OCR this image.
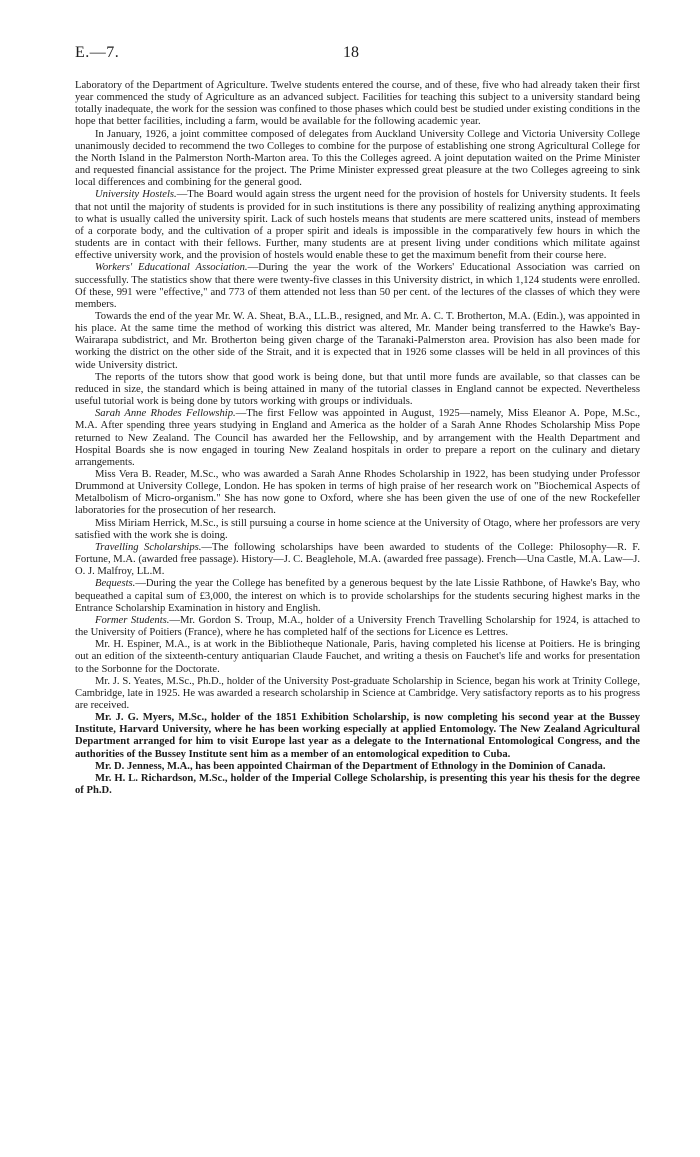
E.—7.	18

Laboratory of the Department of Agriculture. Twelve students entered the course, and of these, five who had already taken their first year commenced the study of Agriculture as an advanced subject. Facilities for teaching this subject to a university standard being totally inadequate, the work for the session was confined to those phases which could best be studied under existing conditions in the hope that better facilities, including a farm, would be available for the following academic year.

In January, 1926, a joint committee composed of delegates from Auckland University College and Victoria University College unanimously decided to recommend the two Colleges to combine for the purpose of establishing one strong Agricultural College for the North Island in the Palmerston North-Marton area. To this the Colleges agreed. A joint deputation waited on the Prime Minister and requested financial assistance for the project. The Prime Minister expressed great pleasure at the two Colleges agreeing to sink local differences and combining for the general good.

University Hostels.—The Board would again stress the urgent need for the provision of hostels for University students. It feels that not until the majority of students is provided for in such institutions is there any possibility of realizing anything approximating to what is usually called the university spirit. Lack of such hostels means that students are mere scattered units, instead of members of a corporate body, and the cultivation of a proper spirit and ideals is impossible in the comparatively few hours in which the students are in contact with their fellows. Further, many students are at present living under conditions which militate against effective university work, and the provision of hostels would enable these to get the maximum benefit from their course here.

Workers' Educational Association.—During the year the work of the Workers' Educational Association was carried on successfully. The statistics show that there were twenty-five classes in this University district, in which 1,124 students were enrolled. Of these, 991 were "effective," and 773 of them attended not less than 50 per cent. of the lectures of the classes of which they were members.

Towards the end of the year Mr. W. A. Sheat, B.A., LL.B., resigned, and Mr. A. C. T. Brotherton, M.A. (Edin.), was appointed in his place. At the same time the method of working this district was altered, Mr. Mander being transferred to the Hawke's Bay-Wairarapa subdistrict, and Mr. Brotherton being given charge of the Taranaki-Palmerston area. Provision has also been made for working the district on the other side of the Strait, and it is expected that in 1926 some classes will be held in all provinces of this wide University district.

The reports of the tutors show that good work is being done, but that until more funds are available, so that classes can be reduced in size, the standard which is being attained in many of the tutorial classes in England cannot be expected. Nevertheless useful tutorial work is being done by tutors working with groups or individuals.

Sarah Anne Rhodes Fellowship.—The first Fellow was appointed in August, 1925—namely, Miss Eleanor A. Pope, M.Sc., M.A. After spending three years studying in England and America as the holder of a Sarah Anne Rhodes Scholarship Miss Pope returned to New Zealand. The Council has awarded her the Fellowship, and by arrangement with the Health Department and Hospital Boards she is now engaged in touring New Zealand hospitals in order to prepare a report on the culinary and dietary arrangements.

Miss Vera B. Reader, M.Sc., who was awarded a Sarah Anne Rhodes Scholarship in 1922, has been studying under Professor Drummond at University College, London. He has spoken in terms of high praise of her research work on "Biochemical Aspects of Metalbolism of Micro-organism." She has now gone to Oxford, where she has been given the use of one of the new Rockefeller laboratories for the prosecution of her research.

Miss Miriam Herrick, M.Sc., is still pursuing a course in home science at the University of Otago, where her professors are very satisfied with the work she is doing.

Travelling Scholarships.—The following scholarships have been awarded to students of the College: Philosophy—R. F. Fortune, M.A. (awarded free passage). History—J. C. Beaglehole, M.A. (awarded free passage). French—Una Castle, M.A. Law—J. O. J. Malfroy, LL.M.

Bequests.—During the year the College has benefited by a generous bequest by the late Lissie Rathbone, of Hawke's Bay, who bequeathed a capital sum of £3,000, the interest on which is to provide scholarships for the students securing highest marks in the Entrance Scholarship Examination in history and English.

Former Students.—Mr. Gordon S. Troup, M.A., holder of a University French Travelling Scholarship for 1924, is attached to the University of Poitiers (France), where he has completed half of the sections for Licence es Lettres.

Mr. H. Espiner, M.A., is at work in the Bibliotheque Nationale, Paris, having completed his license at Poitiers. He is bringing out an edition of the sixteenth-century antiquarian Claude Fauchet, and writing a thesis on Fauchet's life and works for presentation to the Sorbonne for the Doctorate.

Mr. J. S. Yeates, M.Sc., Ph.D., holder of the University Post-graduate Scholarship in Science, began his work at Trinity College, Cambridge, late in 1925. He was awarded a research scholarship in Science at Cambridge. Very satisfactory reports as to his progress are received.

Mr. J. G. Myers, M.Sc., holder of the 1851 Exhibition Scholarship, is now completing his second year at the Bussey Institute, Harvard University, where he has been working especially at applied Entomology. The New Zealand Agricultural Department arranged for him to visit Europe last year as a delegate to the International Entomological Congress, and the authorities of the Bussey Institute sent him as a member of an entomological expedition to Cuba.

Mr. D. Jenness, M.A., has been appointed Chairman of the Department of Ethnology in the Dominion of Canada.

Mr. H. L. Richardson, M.Sc., holder of the Imperial College Scholarship, is presenting this year his thesis for the degree of Ph.D.
